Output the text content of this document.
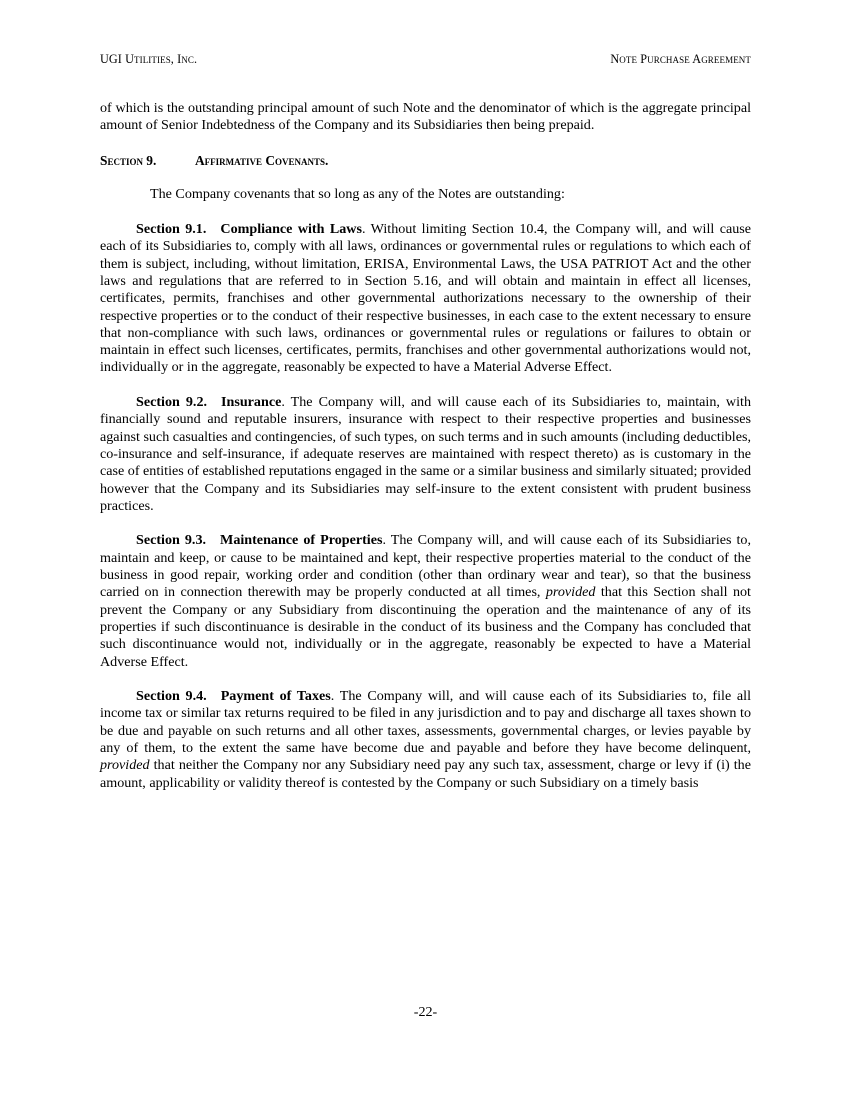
UGI Utilities, Inc.	Note Purchase Agreement

of which is the outstanding principal amount of such Note and the denominator of which is the aggregate principal amount of Senior Indebtedness of the Company and its Subsidiaries then being prepaid.

Section 9.	Affirmative Covenants.

The Company covenants that so long as any of the Notes are outstanding:

Section 9.1. Compliance with Laws. Without limiting Section 10.4, the Company will, and will cause each of its Subsidiaries to, comply with all laws, ordinances or governmental rules or regulations to which each of them is subject, including, without limitation, ERISA, Environmental Laws, the USA PATRIOT Act and the other laws and regulations that are referred to in Section 5.16, and will obtain and maintain in effect all licenses, certificates, permits, franchises and other governmental authorizations necessary to the ownership of their respective properties or to the conduct of their respective businesses, in each case to the extent necessary to ensure that non-compliance with such laws, ordinances or governmental rules or regulations or failures to obtain or maintain in effect such licenses, certificates, permits, franchises and other governmental authorizations would not, individually or in the aggregate, reasonably be expected to have a Material Adverse Effect.

Section 9.2. Insurance. The Company will, and will cause each of its Subsidiaries to, maintain, with financially sound and reputable insurers, insurance with respect to their respective properties and businesses against such casualties and contingencies, of such types, on such terms and in such amounts (including deductibles, co-insurance and self-insurance, if adequate reserves are maintained with respect thereto) as is customary in the case of entities of established reputations engaged in the same or a similar business and similarly situated; provided however that the Company and its Subsidiaries may self-insure to the extent consistent with prudent business practices.

Section 9.3. Maintenance of Properties. The Company will, and will cause each of its Subsidiaries to, maintain and keep, or cause to be maintained and kept, their respective properties material to the conduct of the business in good repair, working order and condition (other than ordinary wear and tear), so that the business carried on in connection therewith may be properly conducted at all times, provided that this Section shall not prevent the Company or any Subsidiary from discontinuing the operation and the maintenance of any of its properties if such discontinuance is desirable in the conduct of its business and the Company has concluded that such discontinuance would not, individually or in the aggregate, reasonably be expected to have a Material Adverse Effect.

Section 9.4. Payment of Taxes. The Company will, and will cause each of its Subsidiaries to, file all income tax or similar tax returns required to be filed in any jurisdiction and to pay and discharge all taxes shown to be due and payable on such returns and all other taxes, assessments, governmental charges, or levies payable by any of them, to the extent the same have become due and payable and before they have become delinquent, provided that neither the Company nor any Subsidiary need pay any such tax, assessment, charge or levy if (i) the amount, applicability or validity thereof is contested by the Company or such Subsidiary on a timely basis

-22-
